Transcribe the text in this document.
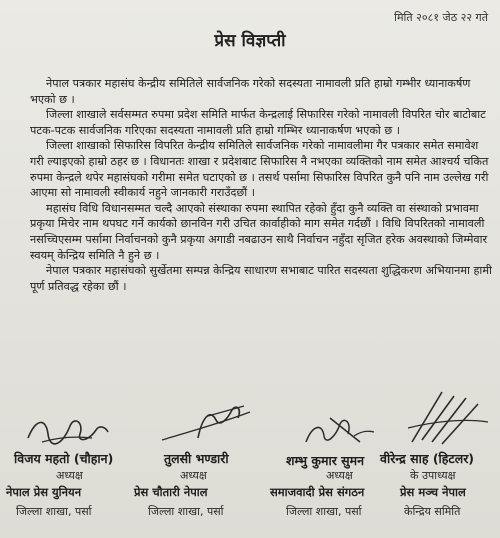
मिति २०८१ जेठ २२ गते
प्रेस विज्ञप्ती

नेपाल पत्रकार महासंघ केन्द्रीय समितिले सार्वजनिक गरेको सदस्यता नामावली प्रति हाम्रो गम्भीर ध्यानाकर्षण भएको छ ।

जिल्ला शाखाले सर्वसम्मत रुपमा प्रदेश समिति मार्फत केन्द्रलाई सिफारिस गरेको नामावली विपरित चोर बाटोबाट पटक-पटक सार्वजनिक गरिएका सदस्यता नामावली प्रति हाम्रो गम्भिर ध्यानाकर्षण भएको छ ।

जिल्ला शाखाको सिफारिस विपरित केन्द्रीय समितिले सार्वजनिक गरेको नामावलीमा गैर पत्रकार समेत समावेश गरी ल्याइएको हाम्रो ठहर छ । विधानतः शाखा र प्रदेशबाट सिफारिस नै नभएका व्यक्तिको नाम समेत आश्चर्य चकित रुपमा केन्द्रले थपेर महासंघको गरीमा समेत घटाएको छ । तसर्थ पर्सामा सिफारिस विपरित कुनै पनि नाम उल्लेख गरी आएमा सो नामावली स्वीकार्य नहुने जानकारी गराउँदछौं ।

महासंघ विधि विधानसम्मत चल्दै आएको संस्थाका रुपमा स्थापित रहेको हुँदा कुनै व्यक्ति वा संस्थाको प्रभावमा प्रकृया मिचेर नाम थपघट गर्ने कार्यको छानविन गरी उचित कार्वाहीको माग समेत गर्दछौं । विधि विपरितको नामावली नसच्चिएसम्म पर्सामा निर्वाचनको कुनै प्रकृया अगाडी नबढाउन साथै निर्वाचन नहुँदा सृजित हरेक अवस्थाको जिम्मेवार स्वयम् केन्द्रिय समिति नै हुने छ ।

नेपाल पत्रकार महासंघको सुर्खेतमा सम्पन्न केन्द्रिय साधारण सभाबाट पारित सदस्यता शुद्धिकरण अभियानमा हामी पूर्ण प्रतिवद्ध रहेका छौं ।

विजय महतो (चौहान)
अध्यक्ष
नेपाल प्रेस युनियन
जिल्ला शाखा, पर्सा
तुलसी भण्डारी
अध्यक्ष
प्रेस चौतारी नेपाल
जिल्ला शाखा, पर्सा
शम्भु कुमार सुमन
अध्यक्ष
समाजवादी प्रेस संगठन
जिल्ला शाखा, पर्सा
वीरेन्द्र साह (हिटलर)
के उपाध्यक्ष
प्रेस मञ्च नेपाल
केन्द्रिय समिति
